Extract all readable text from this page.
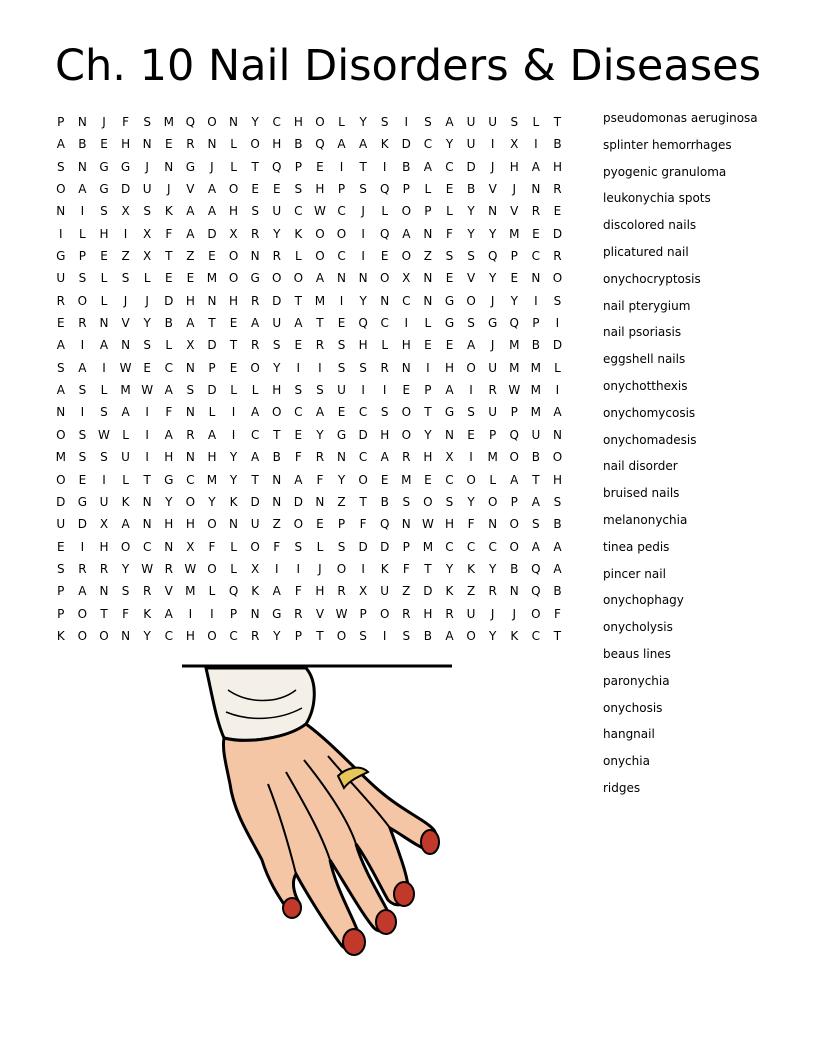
Ch. 10 Nail Disorders & Diseases
P N J F S M Q O N Y C H O L Y S I S A U U S L T
A B E H N E R N L O H B Q A A K D C Y U I X I B
S N G G J N G J L T Q P E I T I B A C D J H A H
O A G D U J V A O E E S H P S Q P L E B V J N R
N I S X S K A A H S U C W C J L O P L Y N V R E
I L H I X F A D X R Y K O O I Q A N F Y Y M E D
G P E Z X T Z E O N R L O C I E O Z S S Q P C R
U S L S L E E M O G O O A N N O X N E V Y E N O
R O L J J D H N H R D T M I Y N C N G O J Y I S
E R N V Y B A T E A U A T E Q C I L G S G Q P I
A I A N S L X D T R S E R S H L H E E A J M B D
S A I W E C N P E O Y I I S S R N I H O U M M L
A S L M W A S D L L H S S U I I E P A I R W M I
N I S A I F N L I A O C A E C S O T G S U P M A
O S W L I A R A I C T E Y G D H O Y N E P Q U N
M S S U I H N H Y A B F R N C A R H X I M O B O
O E I L T G C M Y T N A F Y O E M E C O L A T H
D G U K N Y O Y K D N D N Z T B S O S Y O P A S
U D X A N H H O N U Z O E P F Q N W H F N O S B
E I H O C N X F L O F S L S D D P M C C C O A A
S R R Y W R W O L X I I J O I K F T Y K Y B Q A
P A N S R V M L Q K A F H R X U Z D K Z R N Q B
P O T F K A I I P N G R V W P O R H R U J J O F
K O O N Y C H O C R Y P T O S I S B A O Y K C T
pseudomonas aeruginosa
splinter hemorrhages
pyogenic granuloma
leukonychia spots
discolored nails
plicatured nail
onychocryptosis
nail pterygium
nail psoriasis
eggshell nails
onychotthexis
onychomycosis
onychomadesis
nail disorder
bruised nails
melanonychia
tinea pedis
pincer nail
onychophagy
onycholysis
beaus lines
paronychia
onychosis
hangnail
onychia
ridges
